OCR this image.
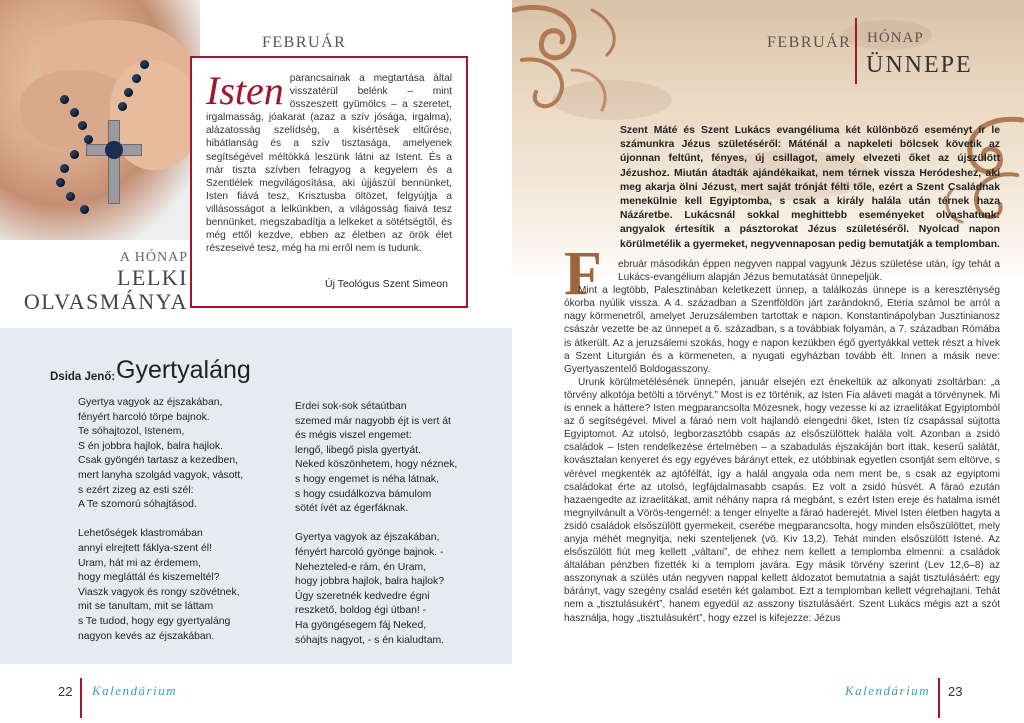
FEBRUÁR
Isten parancsainak a megtartása által visszatérül belénk – mint összeszett gyümölcs – a szeretet, irgalmasság, jóakarat (azaz a szív jósága, irgalma), alázatosság szelídség, a kísértések eltűrése, hibátlanság és a szív tisztasága, amelyenek segítségével méltókká leszünk látni az Istent. És a már tiszta szívben felragyog a kegyelem és a Szentlélek megvilágosítása, aki újjászül bennünket, Isten fiává tesz, Krisztusba öltözet, felgyújtja a villásosságot a lelkünkben, a világosság fiaivá tesz bennünket, megszabadítja a lelkeket a sötétségtől, és még ettől kezdve, ebben az életben az örök élet részeseivé tesz, még ha mi erről nem is tudunk.

Új Teológus Szent Simeon
A HÓNAP
LELKI
OLVASMÁNYA
Dsida Jenő: Gyertyaláng
Gyertya vagyok az éjszakában,
fényért harcoló törpe bajnok.
Te sóhajtozol, Istenem,
S én jobbra hajlok, balra hajlok.
Csak gyöngén tartasz a kezedben,
mert lanyha szolgád vagyok, vásott,
s ezért zizeg az esti szél:
A Te szomorú sóhajtásod.

Lehetőségek klastromában
annyi elrejtett fáklya-szent él!
Uram, hát mi az érdemem,
hogy megláttál és kiszemeltél?
Viaszk vagyok és rongy szövétnek,
mit se tanultam, mit se láttam
s Te tudod, hogy egy gyertyaláng
nagyon kevés az éjszakában.
Erdei sok-sok sétaútban
szemed már nagyobb éjt is vert át
és mégis viszel engemet:
lengő, libegő pisla gyertyát.
Neked köszönhetem, hogy néznek,
s hogy engemet is néha látnak,
s hogy csudálkozva bámulom
sötét ívét az égerfáknak.

Gyertya vagyok az éjszakában,
fényért harcoló gyönge bajnok. -
Nehezteled-e rám, én Uram,
hogy jobbra hajlok, balra hajlok?
Úgy szeretnék kedvedre égni
reszkető, boldog égi útban! -
Ha gyöngésegem fáj Neked,
sóhajts nagyot, - s én kialudtam.
22 Kalendárium
FEBRUÁR HÓNAP
ÜNNEPE

Szent Máté és Szent Lukács evangéliuma két különböző eseményt ír le számunkra Jézus születéséről: Máténál a napkeleti bölcsek követik az újonnan feltűnt, fényes, új csillagot, amely elvezeti őket az újszülött Jézushoz. Miután átadták ajándékaikat, nem térnek vissza Heródeshez, aki meg akarja ölni Jézust, mert saját trónját félti tőle, ezért a Szent Családnak menekülnie kell Egyiptomba, s csak a király halála után térnek haza Názáretbe. Lukácsnál sokkal meghittebb eseményeket olvashatunk: angyalok értesítik a pásztorokat Jézus születéséről. Nyolcad napon körülmetélik a gyermeket, negyvennaposan pedig bemutatják a templomban.

F	ebruár másodikán éppen negyven nappal vagyunk Jézus születése után, így tehát a Lukács-evangélium alapján Jézus bemutatását ünnepeljük.

Mint a legtöbb, Palesztinában keletkezett ünnep, a találkozás ünnepe is a kereszténység ókorba nyúlik vissza. A 4. században a Szentföldön járt zarándoknő, Eteria számol be arról a nagy körmenetről, amelyet Jeruzsálemben tartottak e napon. Konstantinápolyban Jusztinianosz császár vezette be az ünnepet a 6. században, s a továbbiak folyamán, a 7. században Rómába is átkerült. Az a jeruzsálemi szokás, hogy e napon kezükben égő gyertyákkal vettek részt a hívek a Szent Liturgián és a körmeneten, a nyugati egyházban tovább élt. Innen a másik neve: Gyertyaszentelő Boldogasszony.

Urunk körülmetélésének ünnepén, január elsején ezt énekeltük az alkonyati zsoltárban: „a törvény alkotója betölti a törvényt.” Most is ez történik, az Isten Fia aláveti magát a törvénynek. Mi is ennek a háttere? Isten megparancsolta Mózesnek, hogy vezesse ki az izraelitákat Egyiptomból az ő segítségével. Mivel a fáraó nem volt hajlandó elengedni őket, Isten tíz csapással sújtotta Egyiptomot. Az utolsó, legborzasztóbb csapás az elsőszülöttek halála volt. Azonban a zsidó családok – Isten rendelkezése értelmében – a szabadulás éjszakáján bort ittak, keserű salátát, kovásztalan kenyeret és egy egyéves bárányt ettek, ez utóbbinak egyetlen csontját sem eltörve, s vérével megkenték az ajtófélfát, így a halál angyala oda nem ment be, s csak az egyiptomi családokat érte az utolsó, legfájdalmasabb csapás. Ez volt a zsidó húsvét. A fáraó ezután hazaengedte az izraelitákat, amit néhány napra rá megbánt, s ezért Isten ereje és hatalma ismét megnyilvánult a Vörös-tengernél: a tenger elnyelte a fáraó haderejét. Mivel Isten életben hagyta a zsidó családok elsőszülött gyermekeit, cserébe megparancsolta, hogy minden elsőszülöttet, mely anyja méhét megnyitja, neki szenteljenek (vö. Kiv 13,2). Tehát minden elsőszülött Istené. Az elsőszülött fiút meg kellett „váltani”, de ehhez nem kellett a templomba elmenni: a családok általában pénzben fizették ki a templom javára. Egy másik törvény szerint (Lev 12,6–8) az asszonynak a szülés után negyven nappal kellett áldozatot bemutatnia a saját tisztulásáért: egy bárányt, vagy szegény család esetén két galambot. Ezt a templomban kellett végrehajtani. Tehát nem a „tisztulásukért”, hanem egyedül az asszony tisztulásáért. Szent Lukács mégis azt a szót használja, hogy „tisztulásukért”, hogy ezzel is kifejezze: Jézus

Kalendárium 23
